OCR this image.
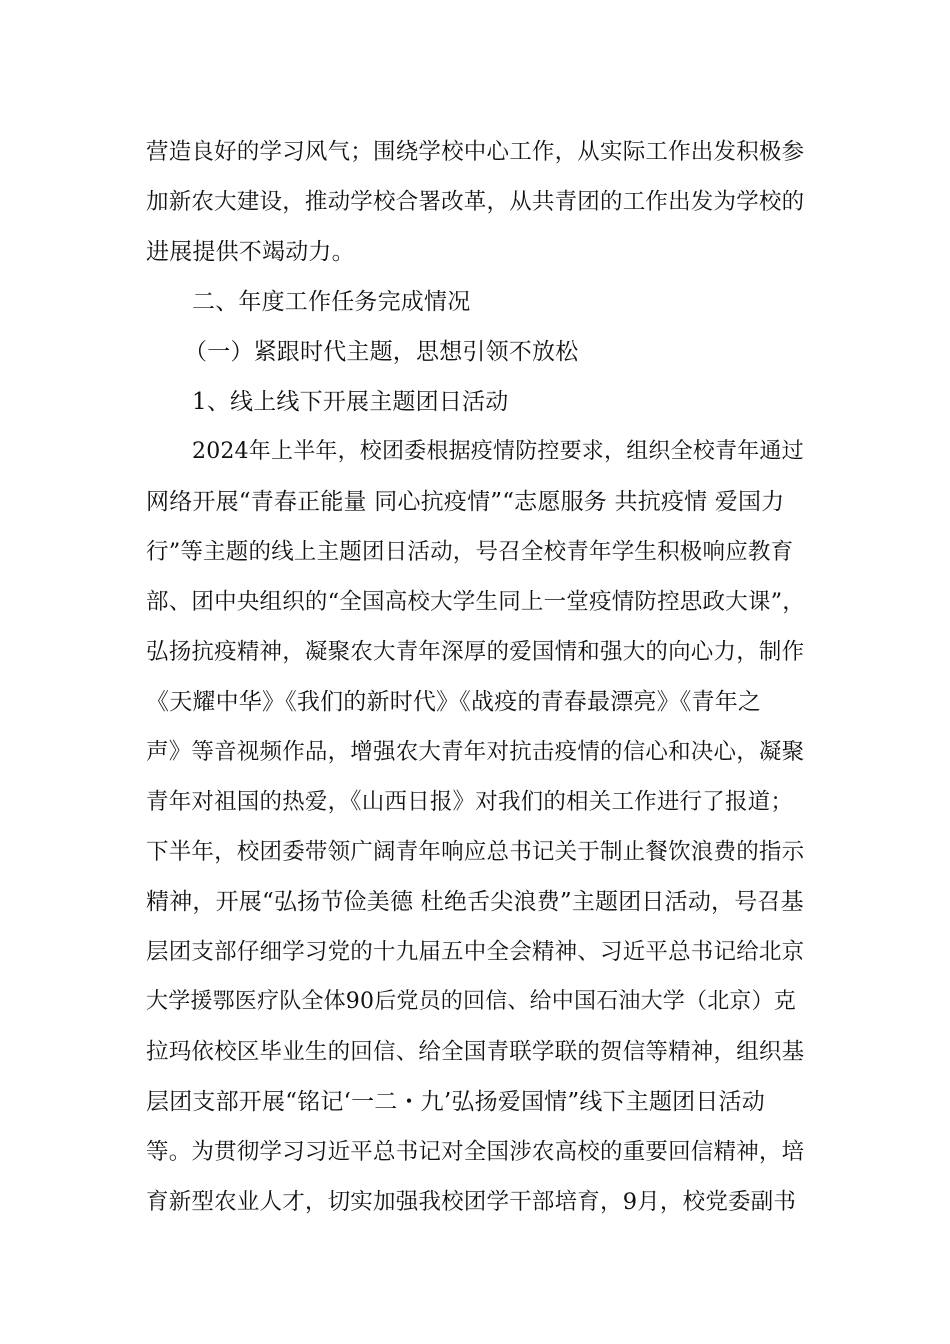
营造良好的学习风气；围绕学校中心工作，从实际工作出发积极参
加新农大建设，推动学校合署改革，从共青团的工作出发为学校的
进展提供不竭动力。
二、年度工作任务完成情况
（一）紧跟时代主题，思想引领不放松
1、线上线下开展主题团日活动
2024年上半年，校团委根据疫情防控要求，组织全校青年通过
网络开展“青春正能量 同心抗疫情”“志愿服务 共抗疫情 爱国力
行”等主题的线上主题团日活动，号召全校青年学生积极响应教育
部、团中央组织的“全国高校大学生同上一堂疫情防控思政大课”，
弘扬抗疫精神，凝聚农大青年深厚的爱国情和强大的向心力，制作
《天耀中华》《我们的新时代》《战疫的青春最漂亮》《青年之
声》等音视频作品，增强农大青年对抗击疫情的信心和决心，凝聚
青年对祖国的热爱，《山西日报》对我们的相关工作进行了报道；
下半年，校团委带领广阔青年响应总书记关于制止餐饮浪费的指示
精神，开展“弘扬节俭美德 杜绝舌尖浪费”主题团日活动，号召基
层团支部仔细学习党的十九届五中全会精神、习近平总书记给北京
大学援鄂医疗队全体90后党员的回信、给中国石油大学（北京）克
拉玛依校区毕业生的回信、给全国青联学联的贺信等精神，组织基
层团支部开展“铭记‘一二・九’弘扬爱国情”线下主题团日活动
等。为贯彻学习习近平总书记对全国涉农高校的重要回信精神，培
育新型农业人才，切实加强我校团学干部培育，9月，校党委副书
